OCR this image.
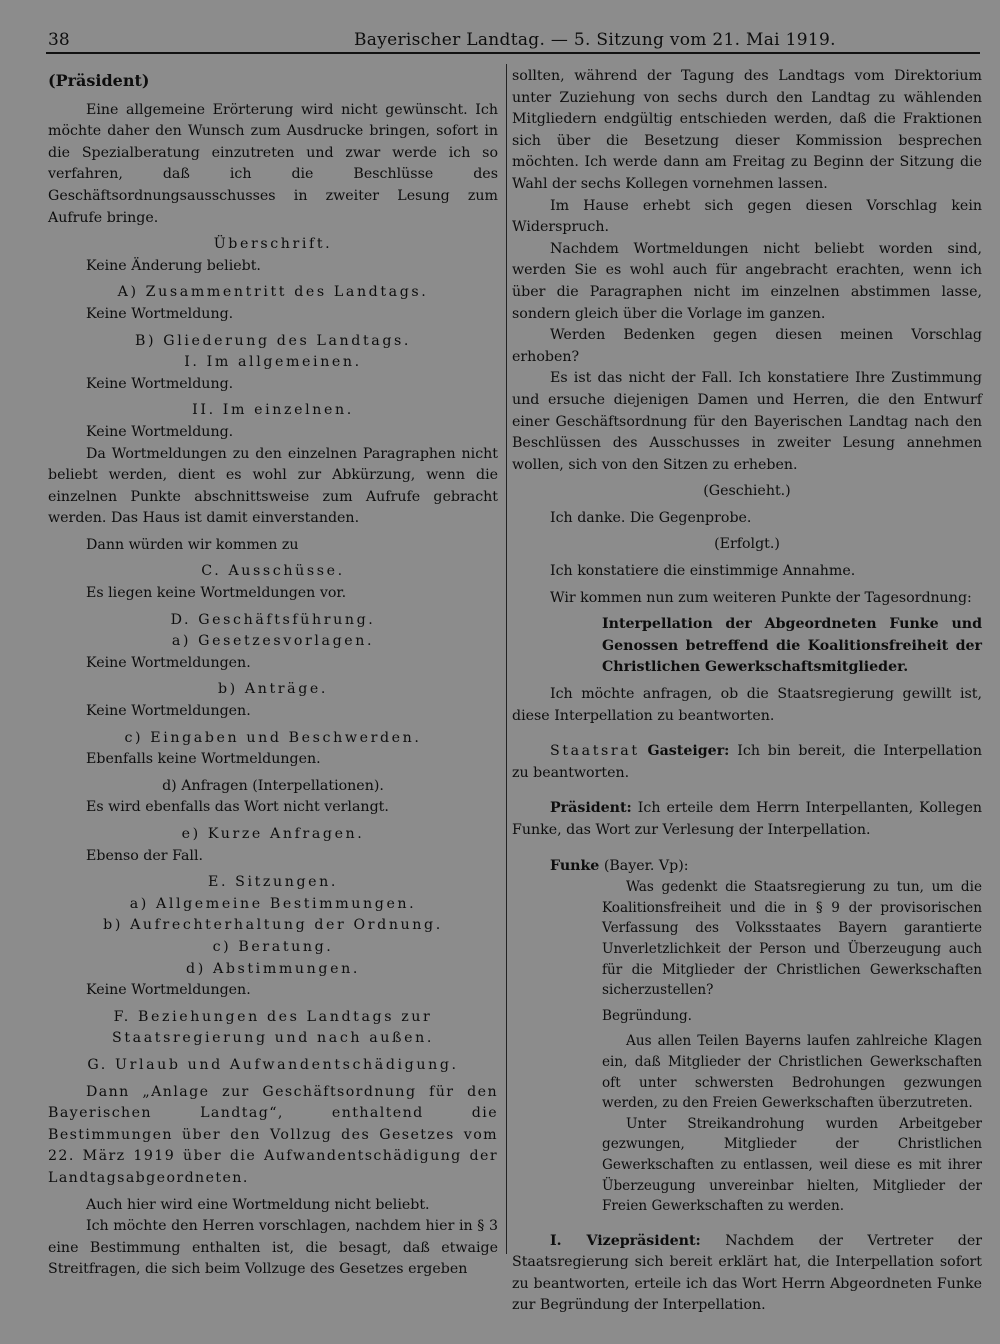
38	Bayerischer Landtag. — 5. Sitzung vom 21. Mai 1919.

(Präsident)

Eine allgemeine Erörterung wird nicht gewünscht. Ich möchte daher den Wunsch zum Ausdrucke bringen, sofort in die Spezialberatung einzutreten und zwar werde ich so verfahren, daß ich die Beschlüsse des Geschäftsordnungsausschusses in zweiter Lesung zum Aufrufe bringe.

Überschrift.

Keine Änderung beliebt.

A) Zusammentritt des Landtags.

Keine Wortmeldung.

B) Gliederung des Landtags.

I. Im allgemeinen.

Keine Wortmeldung.

II. Im einzelnen.

Keine Wortmeldung.

Da Wortmeldungen zu den einzelnen Paragraphen nicht beliebt werden, dient es wohl zur Abkürzung, wenn die einzelnen Punkte abschnittsweise zum Aufrufe gebracht werden. Das Haus ist damit einverstanden.

Dann würden wir kommen zu

C. Ausschüsse.

Es liegen keine Wortmeldungen vor.

D. Geschäftsführung.

a) Gesetzesvorlagen.

Keine Wortmeldungen.

b) Anträge.

Keine Wortmeldungen.

c) Eingaben und Beschwerden.

Ebenfalls keine Wortmeldungen.

d) Anfragen (Interpellationen).

Es wird ebenfalls das Wort nicht verlangt.

e) Kurze Anfragen.

Ebenso der Fall.

E. Sitzungen.

a) Allgemeine Bestimmungen.

b) Aufrechterhaltung der Ordnung.

c) Beratung.

d) Abstimmungen.

Keine Wortmeldungen.

F. Beziehungen des Landtags zur Staatsregierung und nach außen.

G. Urlaub und Aufwandentschädigung.

Dann „Anlage zur Geschäftsordnung für den Bayerischen Landtag“, enthaltend die Bestimmungen über den Vollzug des Gesetzes vom 22. März 1919 über die Aufwandentschädigung der Landtagsabgeordneten.

Auch hier wird eine Wortmeldung nicht beliebt.

Ich möchte den Herren vorschlagen, nachdem hier in § 3 eine Bestimmung enthalten ist, die besagt, daß etwaige Streitfragen, die sich beim Vollzuge des Gesetzes ergeben

sollten, während der Tagung des Landtags vom Direktorium unter Zuziehung von sechs durch den Landtag zu wählenden Mitgliedern endgültig entschieden werden, daß die Fraktionen sich über die Besetzung dieser Kommission besprechen möchten. Ich werde dann am Freitag zu Beginn der Sitzung die Wahl der sechs Kollegen vornehmen lassen.

Im Hause erhebt sich gegen diesen Vorschlag kein Widerspruch.

Nachdem Wortmeldungen nicht beliebt worden sind, werden Sie es wohl auch für angebracht erachten, wenn ich über die Paragraphen nicht im einzelnen abstimmen lasse, sondern gleich über die Vorlage im ganzen.

Werden Bedenken gegen diesen meinen Vorschlag erhoben?

Es ist das nicht der Fall. Ich konstatiere Ihre Zustimmung und ersuche diejenigen Damen und Herren, die den Entwurf einer Geschäftsordnung für den Bayerischen Landtag nach den Beschlüssen des Ausschusses in zweiter Lesung annehmen wollen, sich von den Sitzen zu erheben.

(Geschieht.)

Ich danke. Die Gegenprobe.

(Erfolgt.)

Ich konstatiere die einstimmige Annahme.

Wir kommen nun zum weiteren Punkte der Tagesordnung:

Interpellation der Abgeordneten Funke und Genossen betreffend die Koalitionsfreiheit der Christlichen Gewerkschaftsmitglieder.

Ich möchte anfragen, ob die Staatsregierung gewillt ist, diese Interpellation zu beantworten.

Staatsrat Gasteiger: Ich bin bereit, die Interpellation zu beantworten.

Präsident: Ich erteile dem Herrn Interpellanten, Kollegen Funke, das Wort zur Verlesung der Interpellation.

Funke (Bayer. Vp):

Was gedenkt die Staatsregierung zu tun, um die Koalitionsfreiheit und die in § 9 der provisorischen Verfassung des Volksstaates Bayern garantierte Unverletzlichkeit der Person und Überzeugung auch für die Mitglieder der Christlichen Gewerkschaften sicherzustellen?

Begründung.

Aus allen Teilen Bayerns laufen zahlreiche Klagen ein, daß Mitglieder der Christlichen Gewerkschaften oft unter schwersten Bedrohungen gezwungen werden, zu den Freien Gewerkschaften überzutreten.

Unter Streikandrohung wurden Arbeitgeber gezwungen, Mitglieder der Christlichen Gewerkschaften zu entlassen, weil diese es mit ihrer Überzeugung unvereinbar hielten, Mitglieder der Freien Gewerkschaften zu werden.

I. Vizepräsident: Nachdem der Vertreter der Staatsregierung sich bereit erklärt hat, die Interpellation sofort zu beantworten, erteile ich das Wort Herrn Abgeordneten Funke zur Begründung der Interpellation.
